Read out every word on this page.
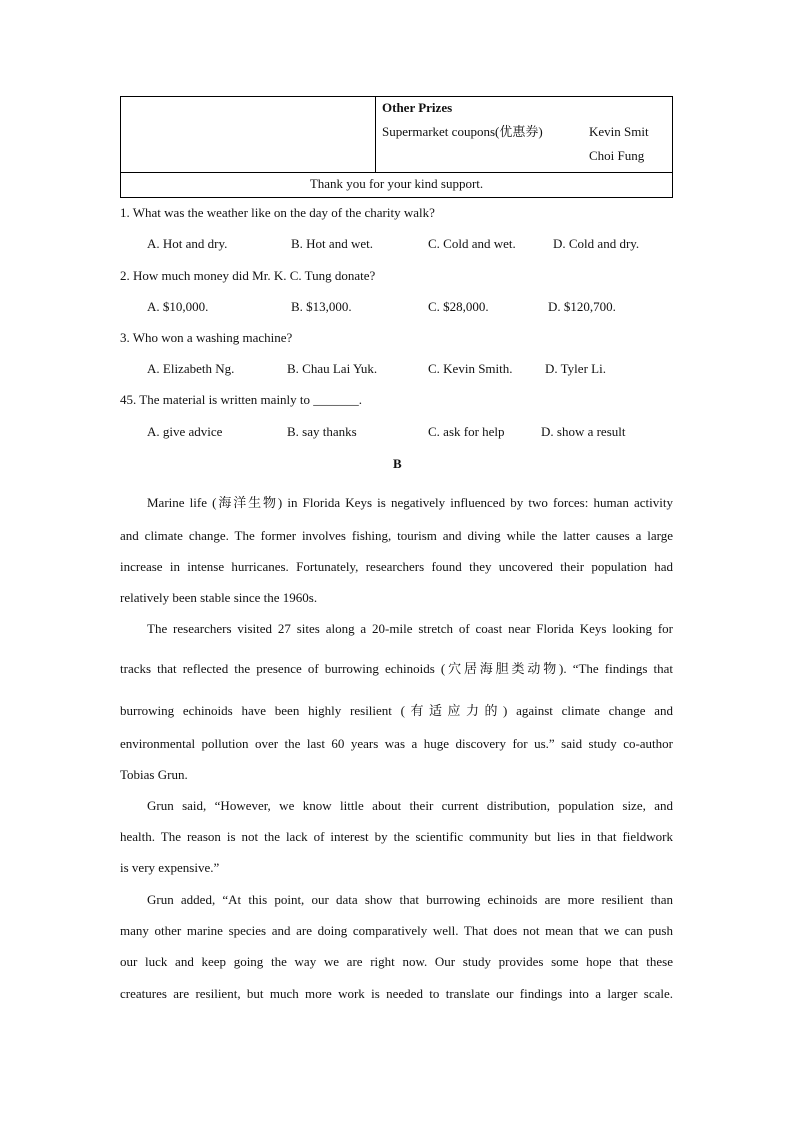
Other Prizes
Supermarket coupons(优惠券)	Kevin Smit
Choi Fung

Thank you for your kind support.
1. What was the weather like on the day of the charity walk?
A. Hot and dry.	B. Hot and wet.	C. Cold and wet.	D. Cold and dry.
2. How much money did Mr. K. C. Tung donate?
A. $10,000.	B. $13,000.	C. $28,000.	D. $120,700.
3. Who won a washing machine?
A. Elizabeth Ng.	B. Chau Lai Yuk.	C. Kevin Smith. D. Tyler Li.
45. The material is written mainly to _______.
A. give advice	B. say thanks	C. ask for help	D. show a result
B
Marine life (海洋生物) in Florida Keys is negatively influenced by two forces: human activity
and climate change. The former involves fishing, tourism and diving while the latter causes a large
increase in intense hurricanes. Fortunately, researchers found they uncovered their population had
relatively been stable since the 1960s.
The researchers visited 27 sites along a 20-mile stretch of coast near Florida Keys looking for
tracks that reflected the presence of burrowing echinoids (穴居海胆类动物). “The findings that
burrowing echinoids have been highly resilient (有适应力的) against climate change and
environmental pollution over the last 60 years was a huge discovery for us.” said study co-author
Tobias Grun.
Grun said, “However, we know little about their current distribution, population size, and
health. The reason is not the lack of interest by the scientific community but lies in that fieldwork
is very expensive.”
Grun added, “At this point, our data show that burrowing echinoids are more resilient than
many other marine species and are doing comparatively well. That does not mean that we can push
our luck and keep going the way we are right now. Our study provides some hope that these
creatures are resilient, but much more work is needed to translate our findings into a larger scale.
